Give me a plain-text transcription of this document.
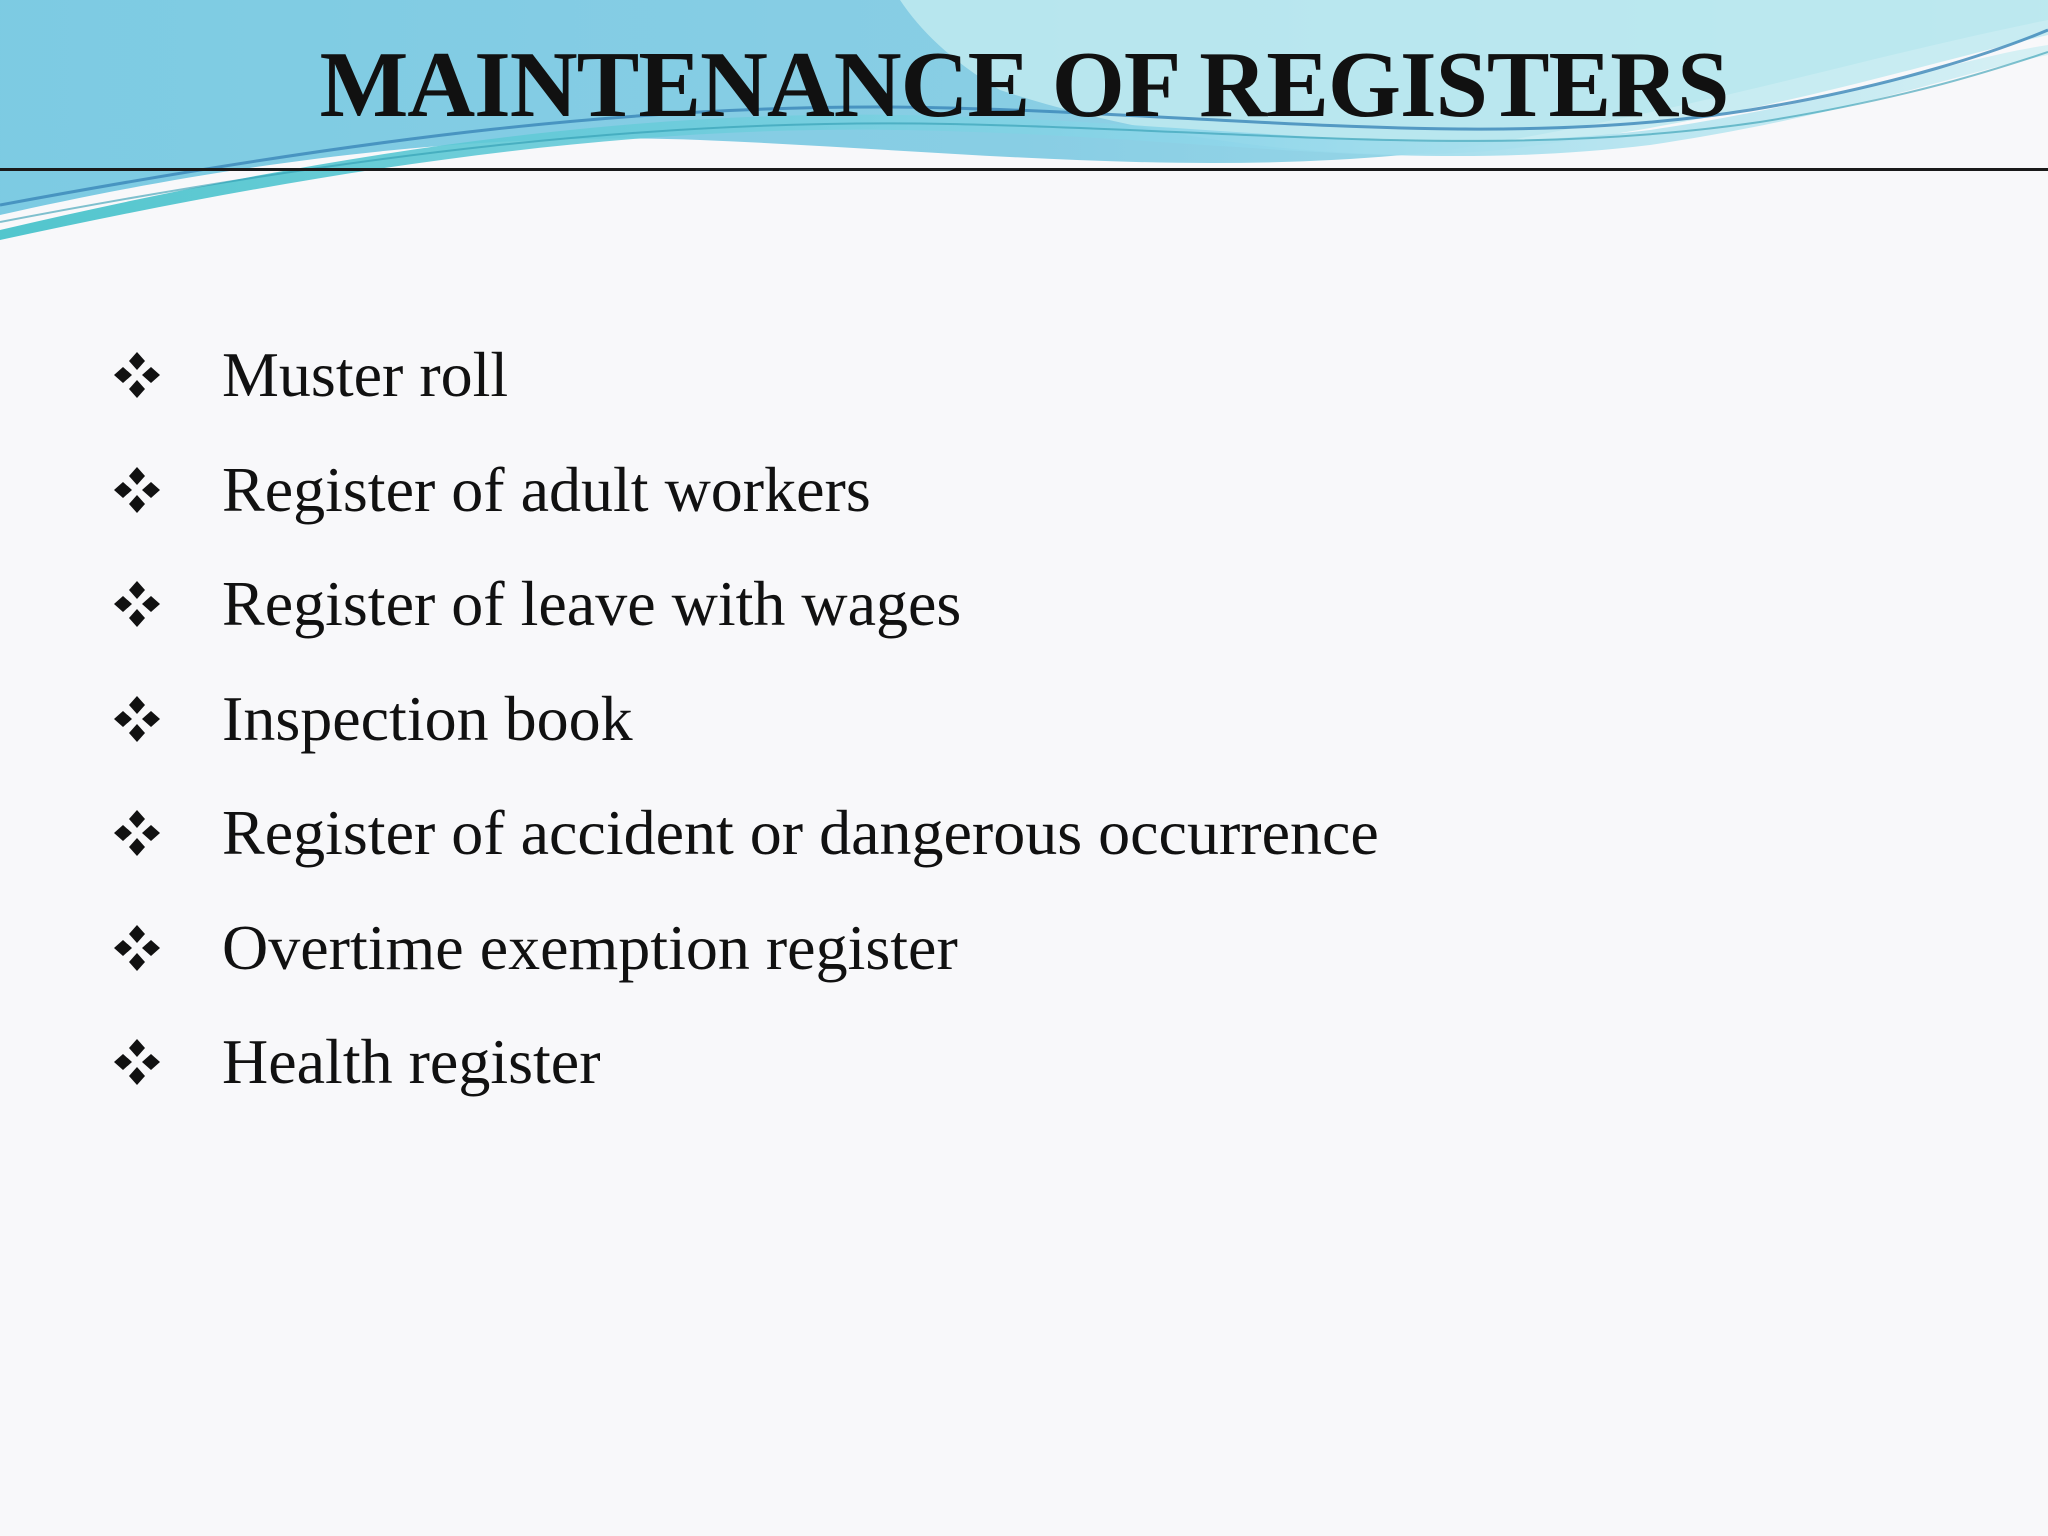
MAINTENANCE OF REGISTERS
Muster roll
Register of adult workers
Register of leave with wages
Inspection book
Register of accident or dangerous occurrence
Overtime exemption register
Health register
